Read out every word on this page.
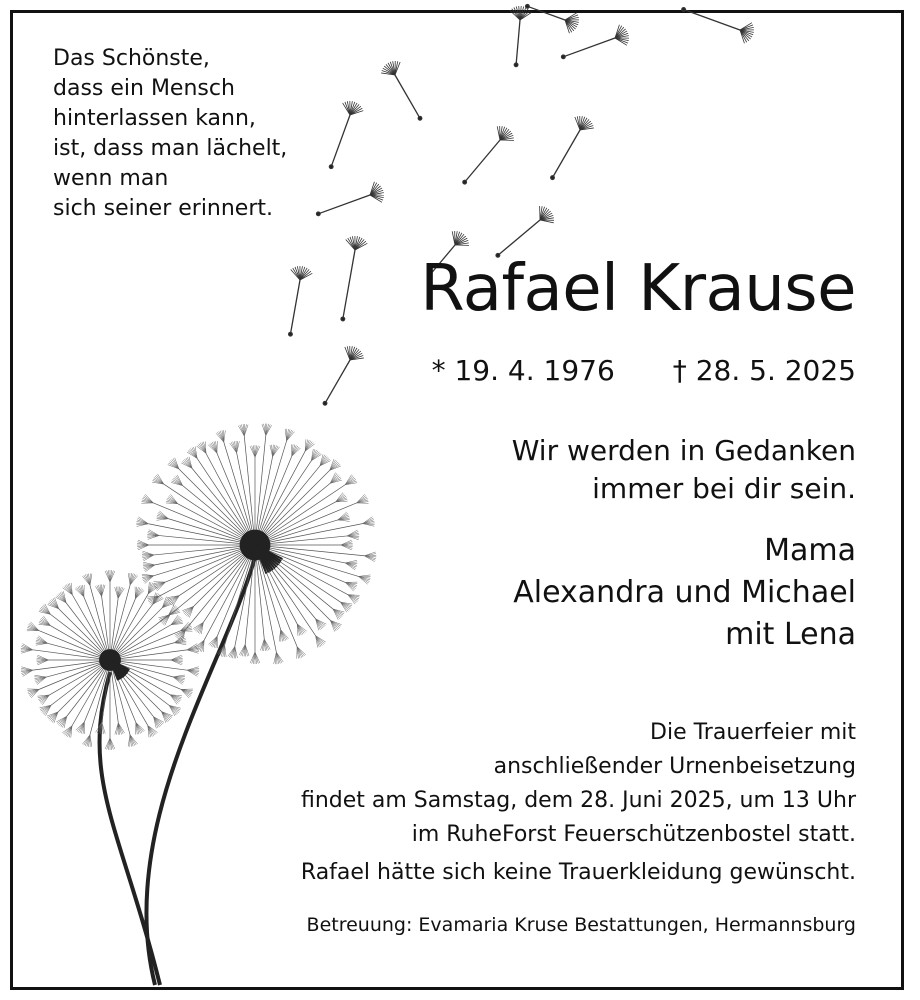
Das Schönste,
dass ein Mensch
hinterlassen kann,
ist, dass man lächelt,
wenn man
sich seiner erinnert.
Rafael Krause
* 19. 4. 1976 † 28. 5. 2025
Wir werden in Gedanken
immer bei dir sein.
Mama
Alexandra und Michael
mit Lena
Die Trauerfeier mit
anschließender Urnenbeisetzung
findet am Samstag, dem 28. Juni 2025, um 13 Uhr
im RuheForst Feuerschützenbostel statt.
Rafael hätte sich keine Trauerkleidung gewünscht.
Betreuung: Evamaria Kruse Bestattungen, Hermannsburg
